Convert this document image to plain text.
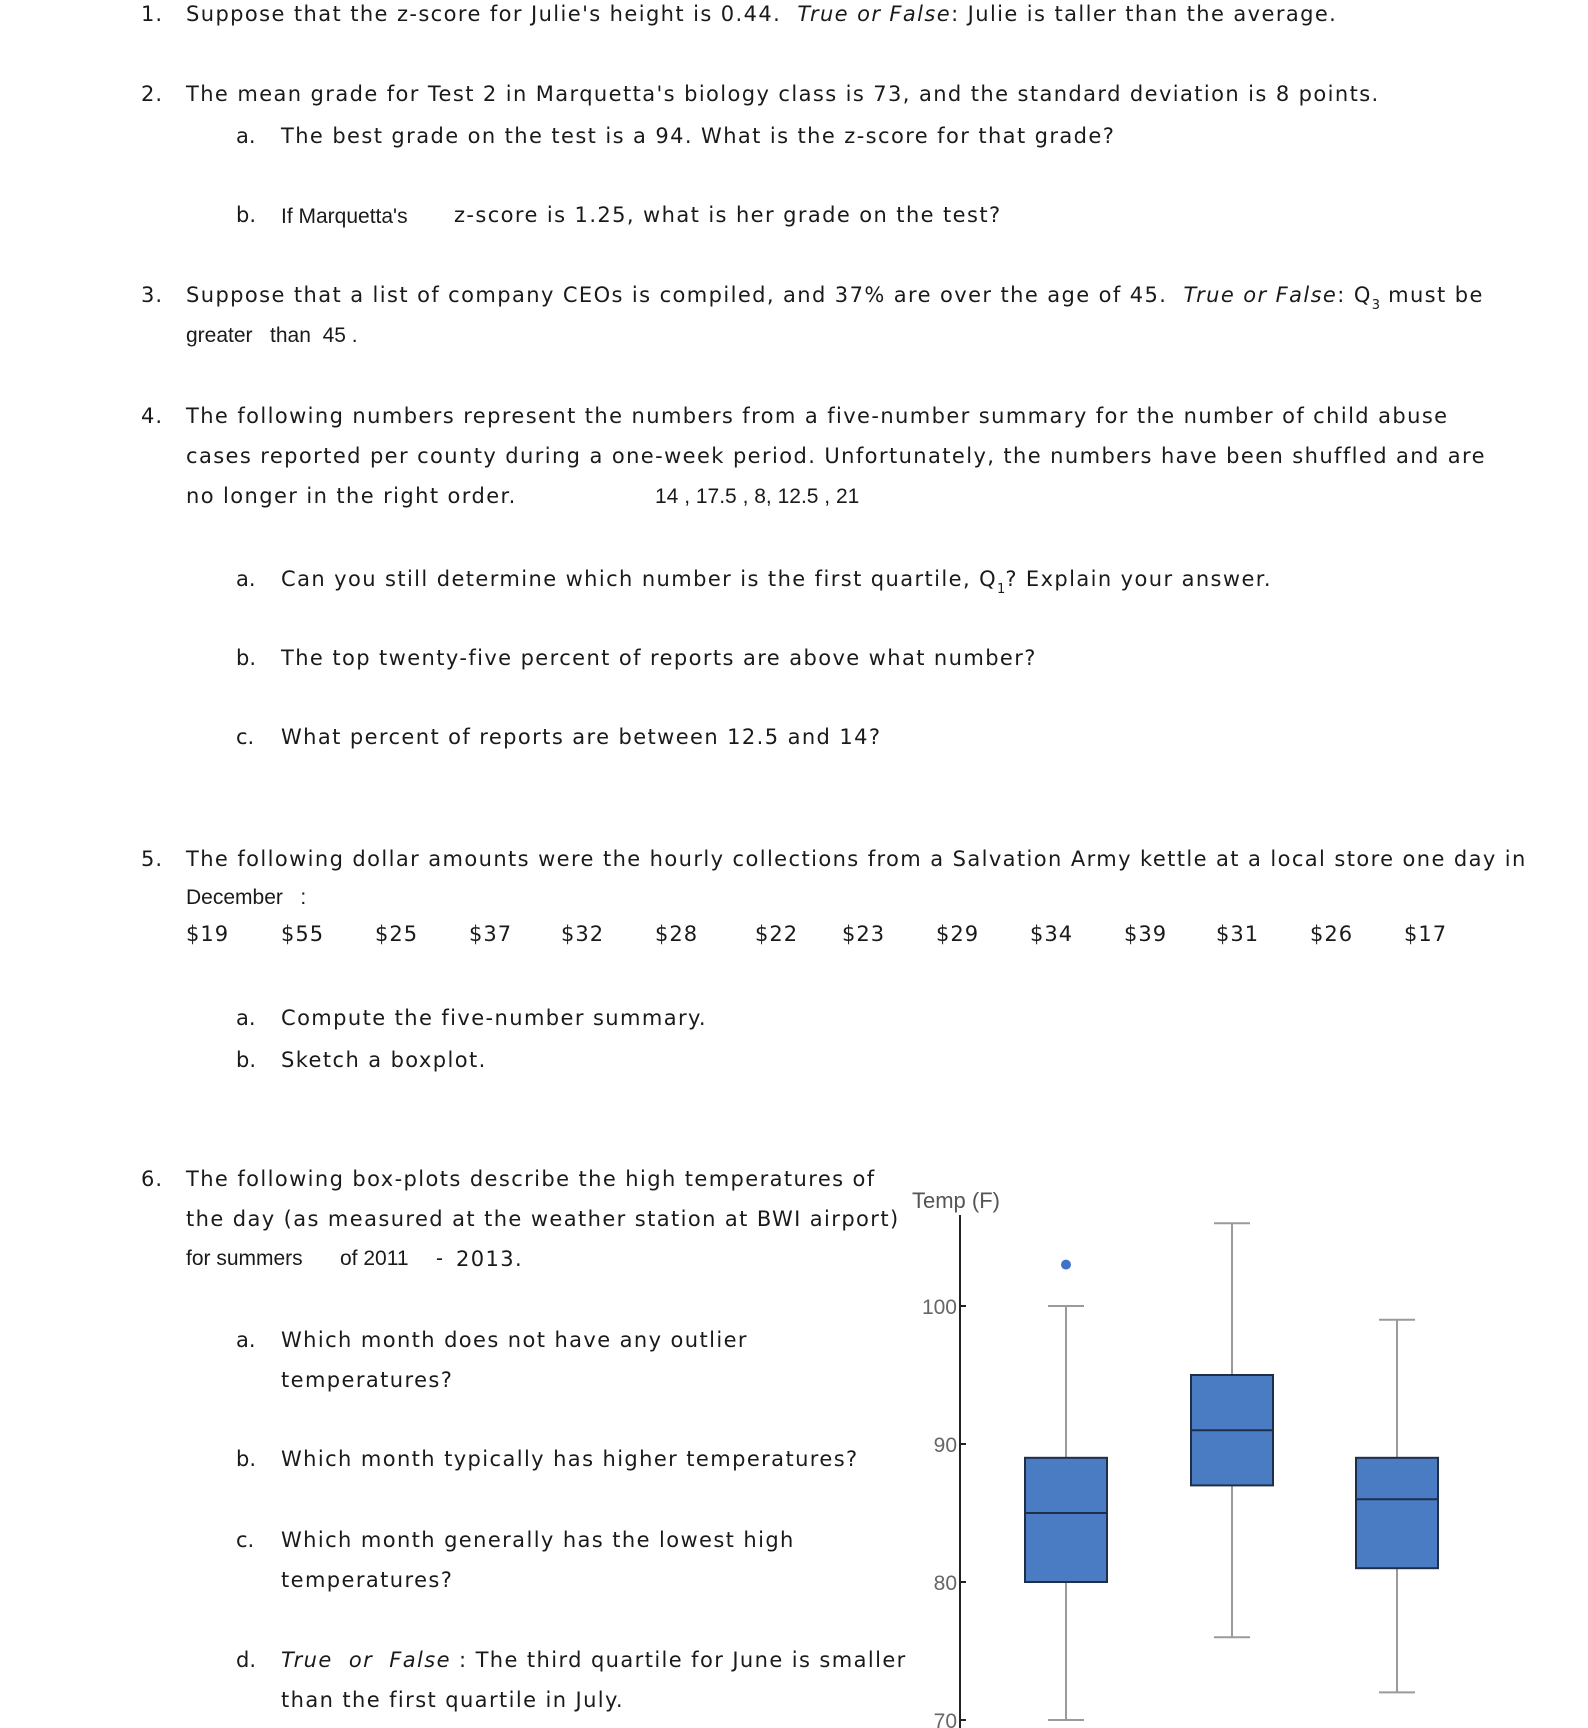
1. Suppose that the z-score for Julie's height is 0.44. True or False: Julie is taller than the average.
2. The mean grade for Test 2 in Marquetta's biology class is 73, and the standard deviation is 8 points.
a. The best grade on the test is a 94. What is the z-score for that grade?
b. If Marquetta's z-score is 1.25, what is her grade on the test?
3. Suppose that a list of company CEOs is compiled, and 37% are over the age of 45. True or False: $Q_3$ must be
greater   than  45 .
4. The following numbers represent the numbers from a five-number summary for the number of child abuse
cases reported per county during a one-week period. Unfortunately, the numbers have been shuffled and are
no longer in the right order.	14 , 17.5 , 8, 12.5 , 21
a. Can you still determine which number is the first quartile, $Q_1$? Explain your answer.
b. The top twenty-five percent of reports are above what number?
c. What percent of reports are between 12.5 and 14?
5. The following dollar amounts were the hourly collections from a Salvation Army kettle at a local store one day in
December   :
$19 $55 $25 $37 $32 $28	$22 $23 $29 $34 $39 $31 $26 $17
a. Compute the five-number summary.
b. Sketch a boxplot.
6. The following box-plots describe the high temperatures of
the day (as measured at the weather station at BWI airport)
for summers of 2011 - 2013.
a. Which month does not have any outlier
temperatures?
b. Which month typically has higher temperatures?
c. Which month generally has the lowest high
temperatures?
d. True or False : The third quartile for June is smaller
than the first quartile in July.
Temp (F)
70
80
90
100
